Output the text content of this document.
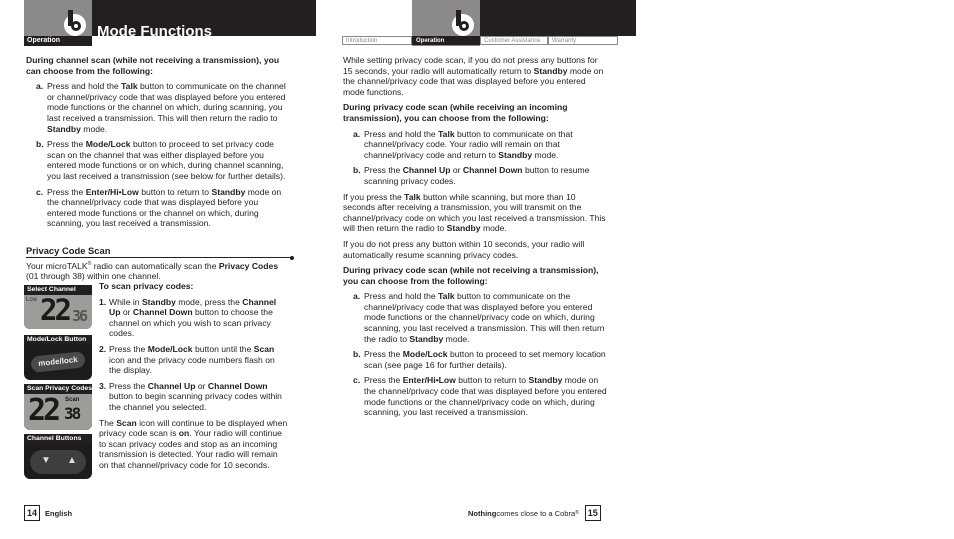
Operation
Mode Functions
Introduction	Operation	Customer Assistance	Warranty

During channel scan (while not receiving a transmission), you can choose from the following:

a. Press and hold the Talk button to communicate on the channel or channel/privacy code that was displayed before you entered mode functions or the channel on which, during scanning, you last received a transmission. This will then return the radio to Standby mode.
b. Press the Mode/Lock button to proceed to set privacy code scan on the channel that was either displayed before you entered mode functions or on which, during channel scanning, you last received a transmission (see below for further details).
c. Press the Enter/Hi•Low button to return to Standby mode on the channel/privacy code that was displayed before you entered mode functions or the channel on which, during scanning, you last received a transmission.
Privacy Code Scan
Your microTALK® radio can automatically scan the Privacy Codes (01 through 38) within one channel.
Select Channel
Low 22 36
Mode/Lock Button
mode/lock
Scan Privacy Codes
22 Scan
38
Channel Buttons
▼ ▲

To scan privacy codes:

1. While in Standby mode, press the Channel Up or Channel Down button to choose the channel on which you wish to scan privacy codes.
2. Press the Mode/Lock button until the Scan icon and the privacy code numbers flash on the display.
3. Press the Channel Up or Channel Down button to begin scanning privacy codes within the channel you selected.

The Scan icon will continue to be displayed when privacy code scan is on. Your radio will continue to scan privacy codes and stop as an incoming transmission is detected. Your radio will remain on that channel/privacy code for 10 seconds.

While setting privacy code scan, if you do not press any buttons for 15 seconds, your radio will automatically return to Standby mode on the channel/privacy code that was displayed before you entered mode functions.

During privacy code scan (while receiving an incoming transmission), you can choose from the following:

a. Press and hold the Talk button to communicate on that channel/privacy code. Your radio will remain on that channel/privacy code and return to Standby mode.
b. Press the Channel Up or Channel Down button to resume scanning privacy codes.

If you press the Talk button while scanning, but more than 10 seconds after receiving a transmission, you will transmit on the channel/privacy code on which you last received a transmission. This will then return the radio to Standby mode.

If you do not press any button within 10 seconds, your radio will automatically resume scanning privacy codes.

During privacy code scan (while not receiving a transmission), you can choose from the following:

a. Press and hold the Talk button to communicate on the channel/privacy code that was displayed before you entered mode functions or the channel/privacy code on which, during scanning, you last received a transmission. This will then return the radio to Standby mode.
b. Press the Mode/Lock button to proceed to set memory location scan (see page 16 for further details).
c. Press the Enter/Hi•Low button to return to Standby mode on the channel/privacy code that was displayed before you entered mode functions or the channel/privacy code on which, during scanning, you last received a transmission.
14	English	Nothing comes close to a Cobra ® 15
